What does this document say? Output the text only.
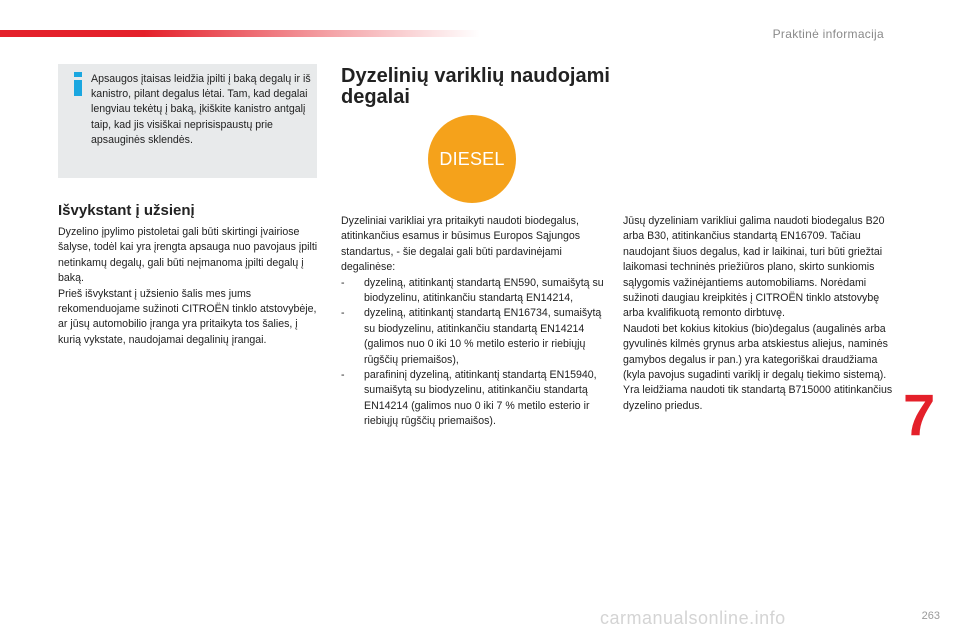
Praktinė informacija
Apsaugos įtaisas leidžia įpilti į baką degalų ir iš kanistro, pilant degalus lėtai. Tam, kad degalai lengviau tekėtų į baką, įkiškite kanistro antgalį taip, kad jis visiškai neprisispaustų prie apsauginės sklendės.
Išvykstant į užsienį

Dyzelino įpylimo pistoletai gali būti skirtingi įvairiose šalyse, todėl kai yra įrengta apsauga nuo pavojaus įpilti netinkamų degalų, gali būti neįmanoma įpilti degalų į baką.
Prieš išvykstant į užsienio šalis mes jums rekomenduojame sužinoti CITROËN tinklo atstovybėje, ar jūsų automobilio įranga yra pritaikyta tos šalies, į kurią vykstate, naudojamai degalinių įrangai.

Dyzelinių variklių naudojami degalai
DIESEL

Dyzeliniai varikliai yra pritaikyti naudoti biodegalus, atitinkančius esamus ir būsimus Europos Sąjungos standartus, - šie degalai gali būti pardavinėjami degalinėse:

- dyzeliną, atitinkantį standartą EN590, sumaišytą su biodyzelinu, atitinkančiu standartą EN14214,
- dyzeliną, atitinkantį standartą EN16734, sumaišytą su biodyzelinu, atitinkančiu standartą EN14214 (galimos nuo 0 iki 10 % metilo esterio ir riebiųjų rūgščių priemaišos),
- parafininį dyzeliną, atitinkantį standartą EN15940, sumaišytą su biodyzelinu, atitinkančiu standartą EN14214 (galimos nuo 0 iki 7 % metilo esterio ir riebiųjų rūgščių priemaišos).

Jūsų dyzeliniam varikliui galima naudoti biodegalus B20 arba B30, atitinkančius standartą EN16709. Tačiau naudojant šiuos degalus, kad ir laikinai, turi būti griežtai laikomasi techninės priežiūros plano, skirto sunkiomis sąlygomis važinėjantiems automobiliams. Norėdami sužinoti daugiau kreipkitės į CITROËN tinklo atstovybę arba kvalifikuotą remonto dirbtuvę.
Naudoti bet kokius kitokius (bio)degalus (augalinės arba gyvulinės kilmės grynus arba atskiestus aliejus, naminės gamybos degalus ir pan.) yra kategoriškai draudžiama (kyla pavojus sugadinti variklį ir degalų tiekimo sistemą).
Yra leidžiama naudoti tik standartą B715000 atitinkančius dyzelino priedus.	7
carmanualsonline.info	263
